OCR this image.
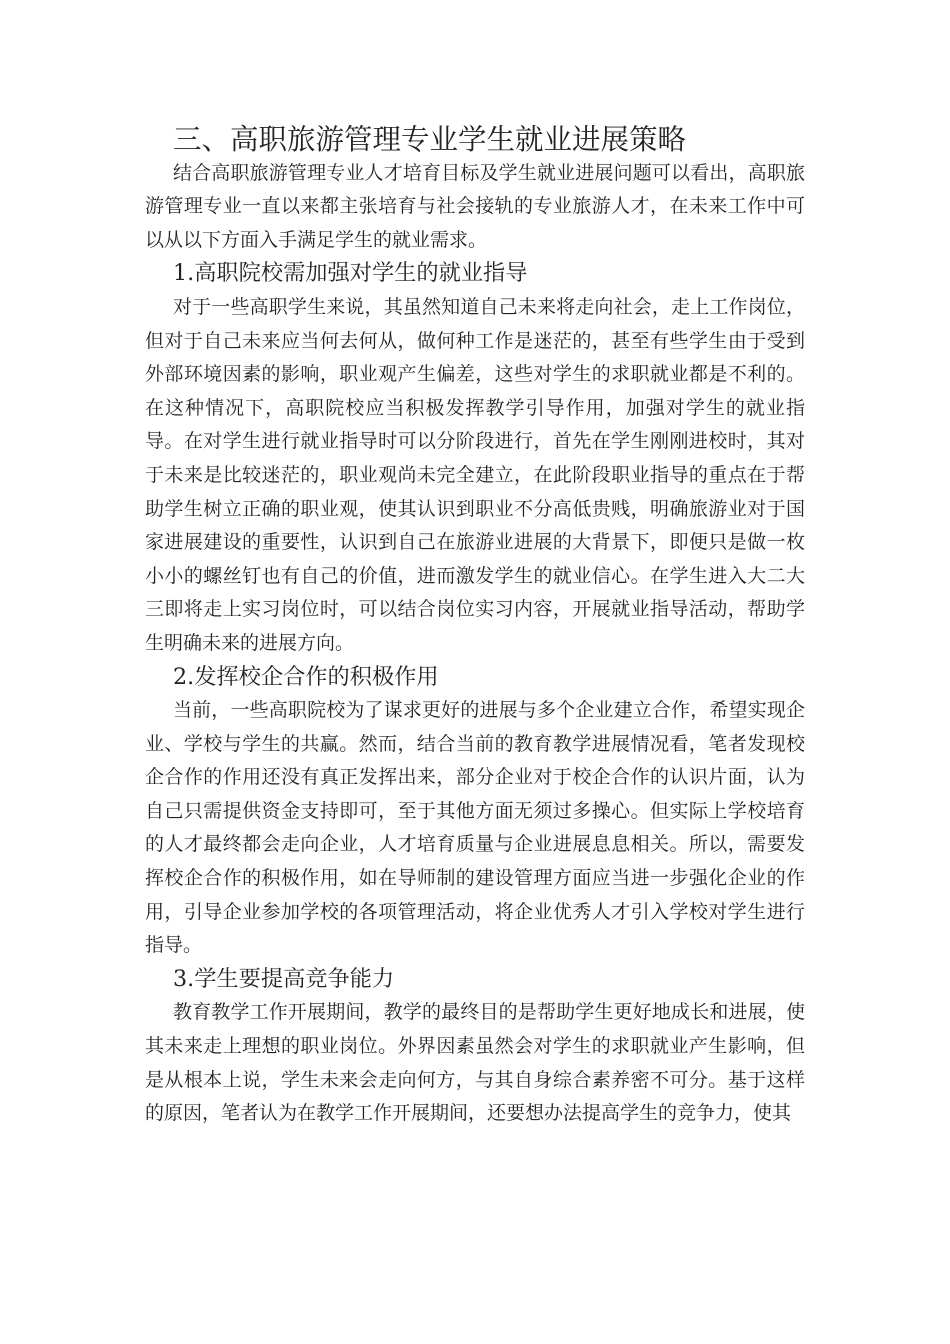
三、高职旅游管理专业学生就业进展策略

结合高职旅游管理专业人才培育目标及学生就业进展问题可以看出，高职旅游管理专业一直以来都主张培育与社会接轨的专业旅游人才，在未来工作中可以从以下方面入手满足学生的就业需求。

1.高职院校需加强对学生的就业指导

对于一些高职学生来说，其虽然知道自己未来将走向社会，走上工作岗位，但对于自己未来应当何去何从，做何种工作是迷茫的，甚至有些学生由于受到外部环境因素的影响，职业观产生偏差，这些对学生的求职就业都是不利的。在这种情况下，高职院校应当积极发挥教学引导作用，加强对学生的就业指导。在对学生进行就业指导时可以分阶段进行，首先在学生刚刚进校时，其对于未来是比较迷茫的，职业观尚未完全建立，在此阶段职业指导的重点在于帮助学生树立正确的职业观，使其认识到职业不分高低贵贱，明确旅游业对于国家进展建设的重要性，认识到自己在旅游业进展的大背景下，即便只是做一枚小小的螺丝钉也有自己的价值，进而激发学生的就业信心。在学生进入大二大三即将走上实习岗位时，可以结合岗位实习内容，开展就业指导活动，帮助学生明确未来的进展方向。

2.发挥校企合作的积极作用

当前，一些高职院校为了谋求更好的进展与多个企业建立合作，希望实现企业、学校与学生的共赢。然而，结合当前的教育教学进展情况看，笔者发现校企合作的作用还没有真正发挥出来，部分企业对于校企合作的认识片面，认为自己只需提供资金支持即可，至于其他方面无须过多操心。但实际上学校培育的人才最终都会走向企业，人才培育质量与企业进展息息相关。所以，需要发挥校企合作的积极作用，如在导师制的建设管理方面应当进一步强化企业的作用，引导企业参加学校的各项管理活动，将企业优秀人才引入学校对学生进行指导。

3.学生要提高竞争能力

教育教学工作开展期间，教学的最终目的是帮助学生更好地成长和进展，使其未来走上理想的职业岗位。外界因素虽然会对学生的求职就业产生影响，但是从根本上说，学生未来会走向何方，与其自身综合素养密不可分。基于这样的原因，笔者认为在教学工作开展期间，还要想办法提高学生的竞争力，使其
